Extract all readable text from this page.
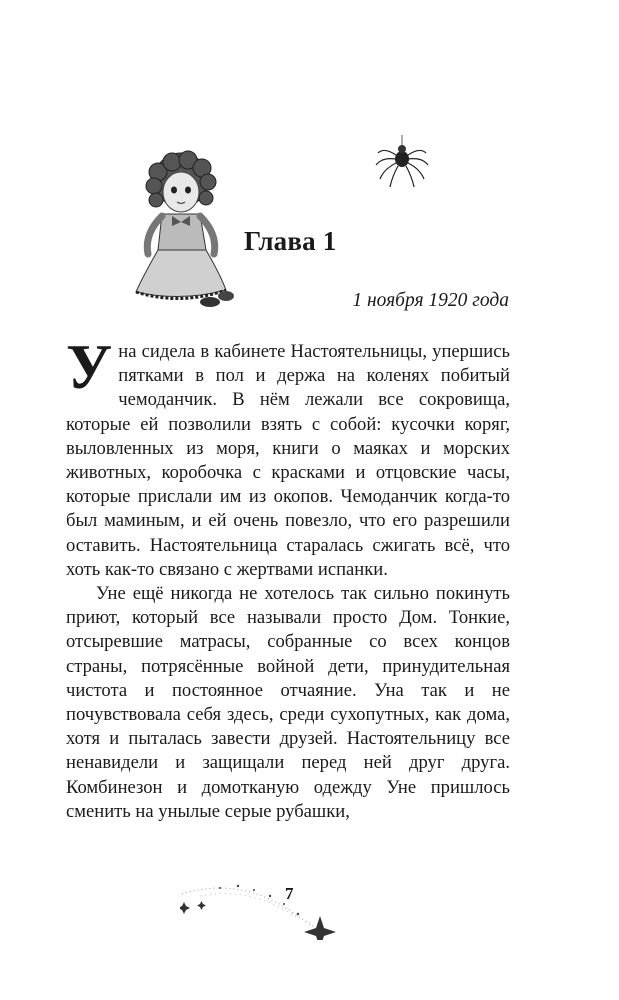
Глава 1
1 ноября 1920 года

Уна сидела в кабинете Настоятельницы, упершись пятками в пол и держа на коленях побитый чемоданчик. В нём лежали все сокровища, которые ей позволили взять с собой: кусочки коряг, выловленных из моря, книги о маяках и морских животных, коробочка с красками и отцовские часы, которые прислали им из окопов. Чемоданчик когда-то был маминым, и ей очень повезло, что его разрешили оставить. Настоятельница старалась сжигать всё, что хоть как-то связано с жертвами испанки.

Уне ещё никогда не хотелось так сильно покинуть приют, который все называли просто Дом. Тонкие, отсыревшие матрасы, собранные со всех концов страны, потрясённые войной дети, принудительная чистота и постоянное отчаяние. Уна так и не почувствовала себя здесь, среди сухопутных, как дома, хотя и пыталась завести друзей. Настоятельницу все ненавидели и защищали перед ней друг друга. Комбинезон и домотканую одежду Уне пришлось сменить на унылые серые рубашки,

7
